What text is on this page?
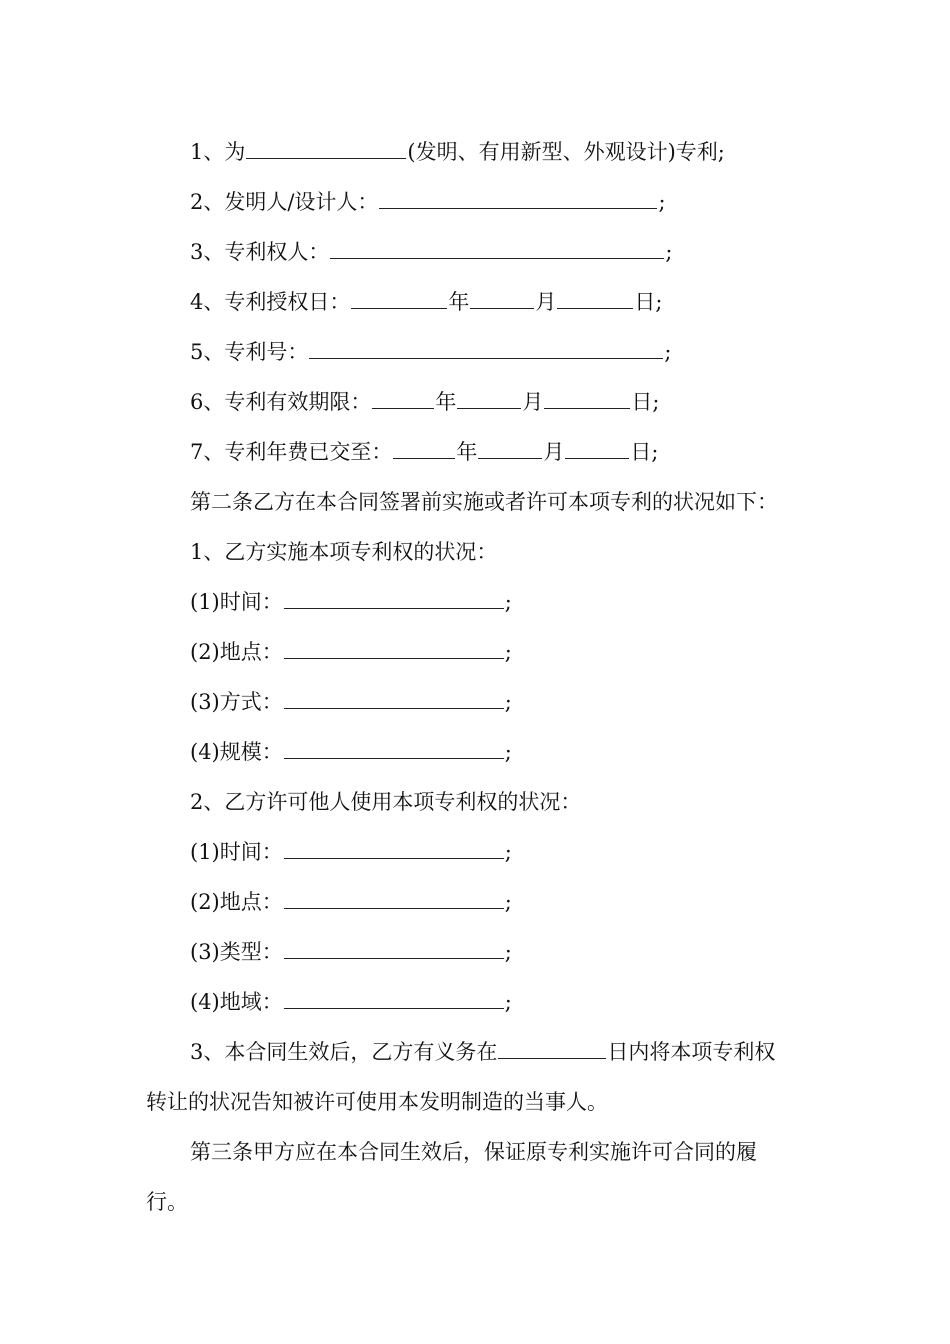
1、为	(发明、有用新型、外观设计)专利;
2、发明人/设计人：	;
3、专利权人：	;
4、专利授权日：	年	月	日;
5、专利号：	;
6、专利有效期限：	年	月	日;
7、专利年费已交至：	年	月	日;
第二条乙方在本合同签署前实施或者许可本项专利的状况如下：
1、乙方实施本项专利权的状况：
(1)时间：	;
(2)地点：	;
(3)方式：	;
(4)规模：	;
2、乙方许可他人使用本项专利权的状况：
(1)时间：	;
(2)地点：	;
(3)类型：	;
(4)地域：	;
3、本合同生效后，乙方有义务在	日内将本项专利权
转让的状况告知被许可使用本发明制造的当事人。
第三条甲方应在本合同生效后，保证原专利实施许可合同的履
行。
